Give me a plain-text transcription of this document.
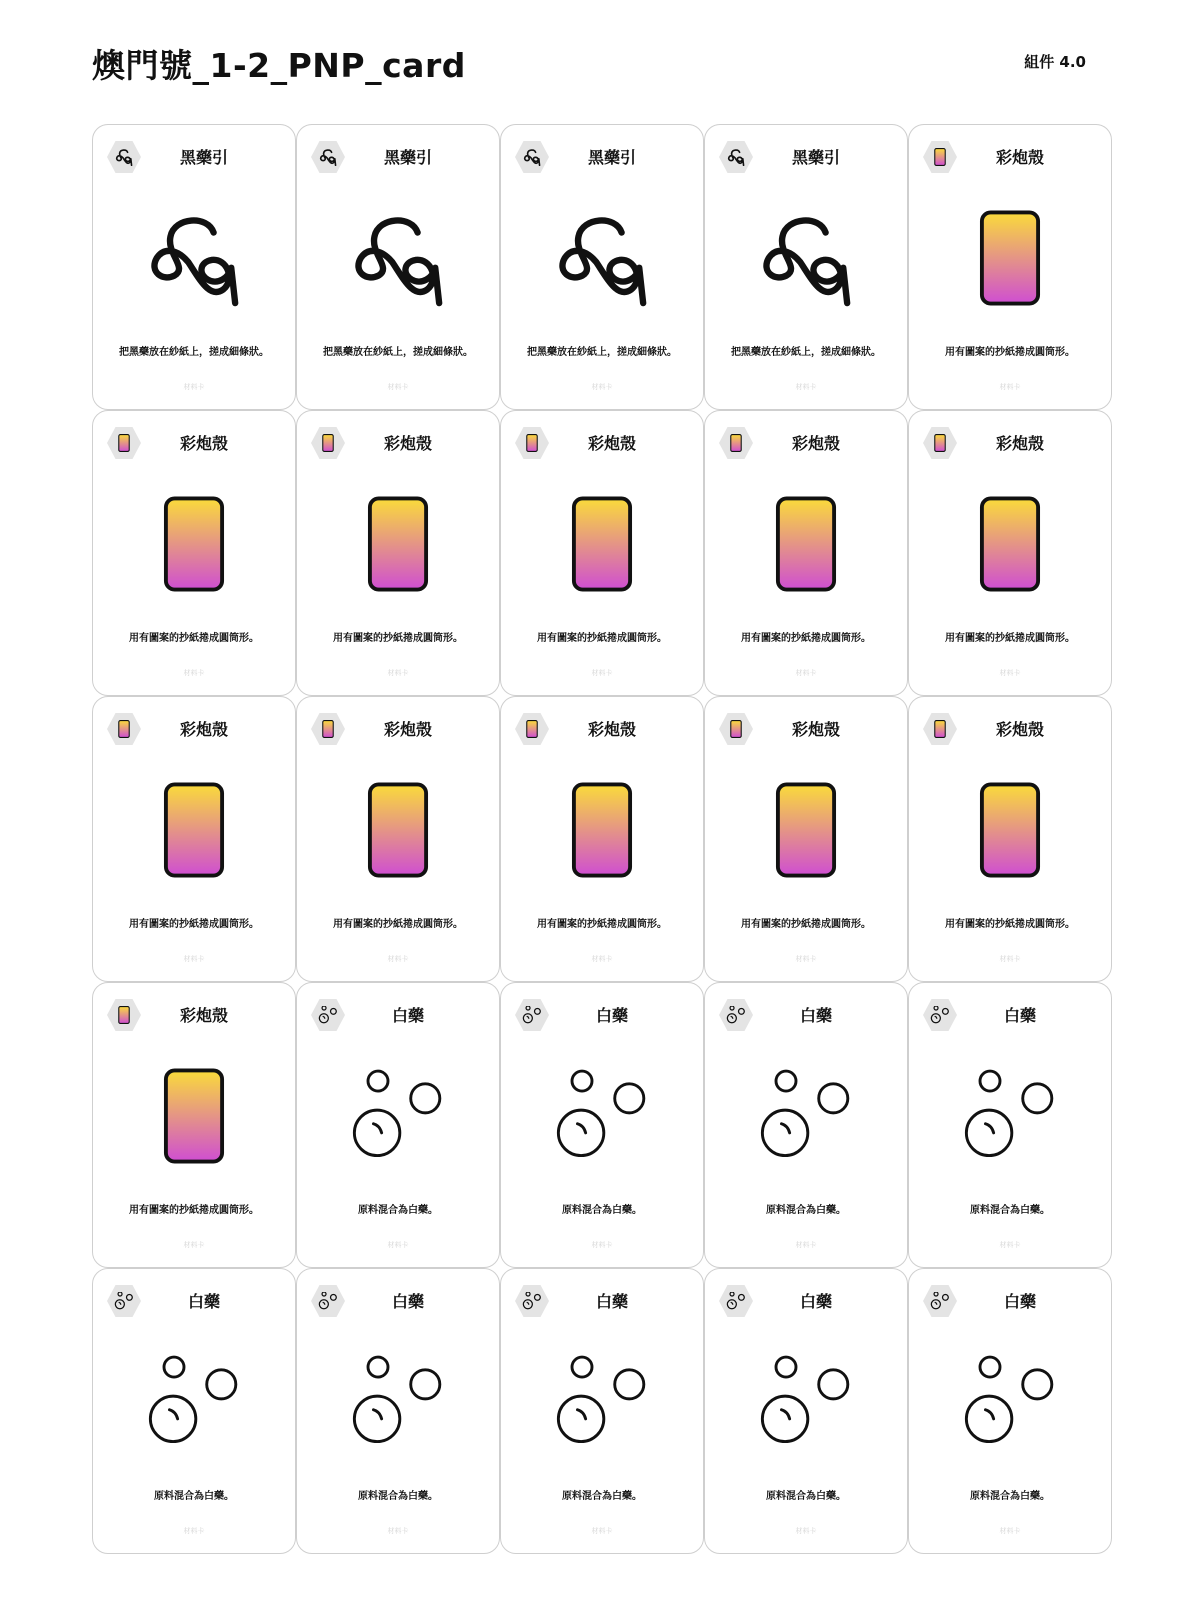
燠門號_1-2_PNP_card	組件 4.0
黑藥引
把黑藥放在紗紙上，搓成細條狀。
材料卡
黑藥引
把黑藥放在紗紙上，搓成細條狀。
材料卡
黑藥引
把黑藥放在紗紙上，搓成細條狀。
材料卡
黑藥引
把黑藥放在紗紙上，搓成細條狀。
材料卡
彩炮殼
用有圖案的抄紙捲成圓筒形。
材料卡
彩炮殼
用有圖案的抄紙捲成圓筒形。
材料卡
彩炮殼
用有圖案的抄紙捲成圓筒形。
材料卡
彩炮殼
用有圖案的抄紙捲成圓筒形。
材料卡
彩炮殼
用有圖案的抄紙捲成圓筒形。
材料卡
彩炮殼
用有圖案的抄紙捲成圓筒形。
材料卡
彩炮殼
用有圖案的抄紙捲成圓筒形。
材料卡
彩炮殼
用有圖案的抄紙捲成圓筒形。
材料卡
彩炮殼
用有圖案的抄紙捲成圓筒形。
材料卡
彩炮殼
用有圖案的抄紙捲成圓筒形。
材料卡
彩炮殼
用有圖案的抄紙捲成圓筒形。
材料卡
彩炮殼
用有圖案的抄紙捲成圓筒形。
材料卡
白藥
原料混合為白藥。
材料卡
白藥
原料混合為白藥。
材料卡
白藥
原料混合為白藥。
材料卡
白藥
原料混合為白藥。
材料卡
白藥
原料混合為白藥。
材料卡
白藥
原料混合為白藥。
材料卡
白藥
原料混合為白藥。
材料卡
白藥
原料混合為白藥。
材料卡
白藥
原料混合為白藥。
材料卡
